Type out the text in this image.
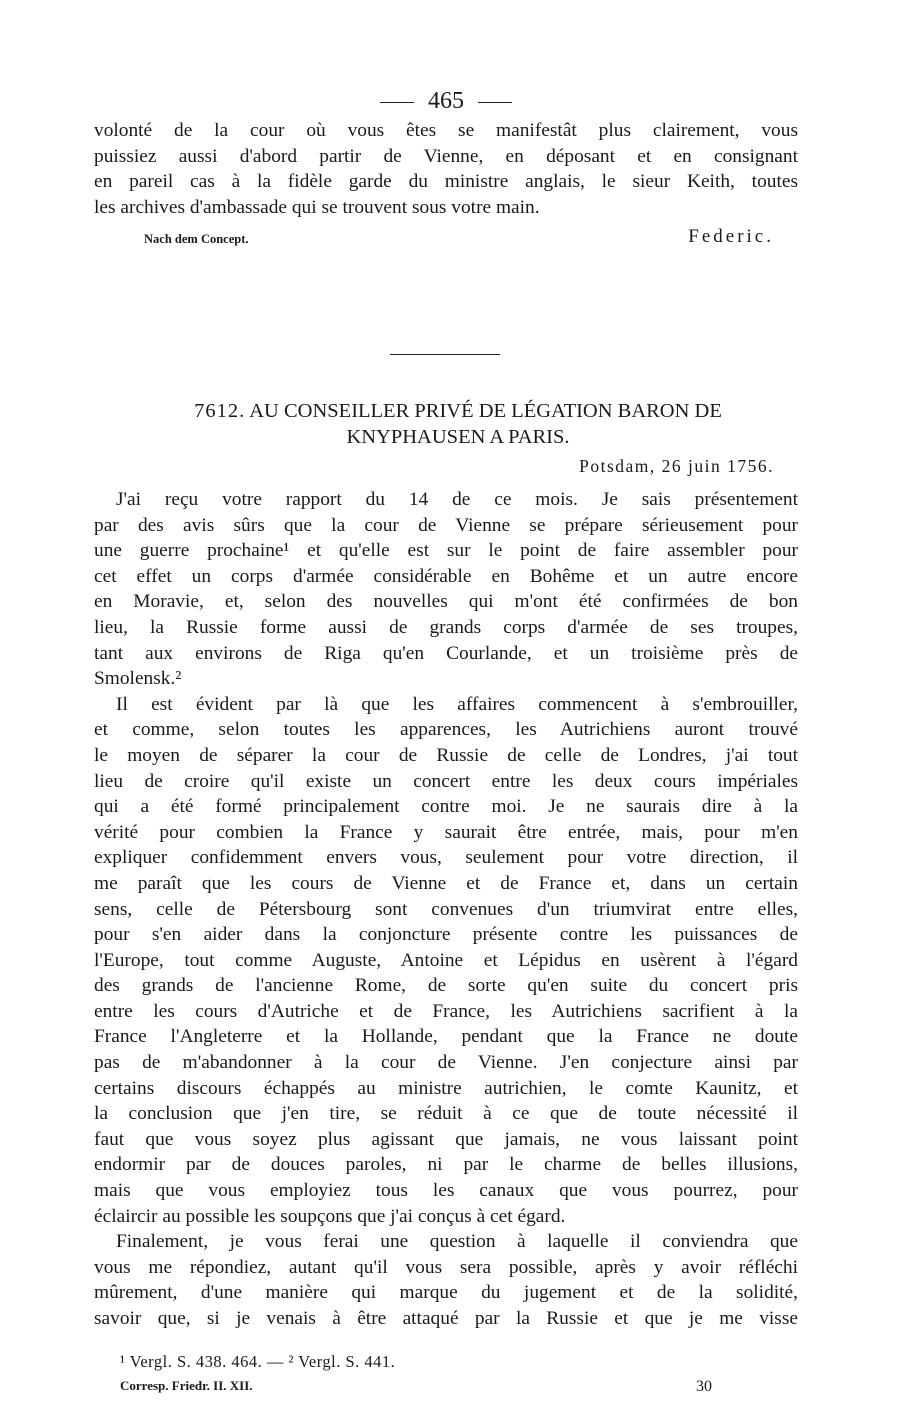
465
volonté de la cour où vous êtes se manifestât plus clairement, vous
puissiez aussi d'abord partir de Vienne, en déposant et en consignant
en pareil cas à la fidèle garde du ministre anglais, le sieur Keith, toutes
les archives d'ambassade qui se trouvent sous votre main.
Nach dem Concept.	Federic.
7612. AU CONSEILLER PRIVÉ DE LÉGATION BARON DE
KNYPHAUSEN A PARIS.
Potsdam, 26 juin 1756.

J'ai reçu votre rapport du 14 de ce mois. Je sais présentement
par des avis sûrs que la cour de Vienne se prépare sérieusement pour
une guerre prochaine¹ et qu'elle est sur le point de faire assembler pour
cet effet un corps d'armée considérable en Bohême et un autre encore
en Moravie, et, selon des nouvelles qui m'ont été confirmées de bon
lieu, la Russie forme aussi de grands corps d'armée de ses troupes,
tant aux environs de Riga qu'en Courlande, et un troisième près de
Smolensk.²

Il est évident par là que les affaires commencent à s'embrouiller,
et comme, selon toutes les apparences, les Autrichiens auront trouvé
le moyen de séparer la cour de Russie de celle de Londres, j'ai tout
lieu de croire qu'il existe un concert entre les deux cours impériales
qui a été formé principalement contre moi. Je ne saurais dire à la
vérité pour combien la France y saurait être entrée, mais, pour m'en
expliquer confidemment envers vous, seulement pour votre direction, il
me paraît que les cours de Vienne et de France et, dans un certain
sens, celle de Pétersbourg sont convenues d'un triumvirat entre elles,
pour s'en aider dans la conjoncture présente contre les puissances de
l'Europe, tout comme Auguste, Antoine et Lépidus en usèrent à l'égard
des grands de l'ancienne Rome, de sorte qu'en suite du concert pris
entre les cours d'Autriche et de France, les Autrichiens sacrifient à la
France l'Angleterre et la Hollande, pendant que la France ne doute
pas de m'abandonner à la cour de Vienne. J'en conjecture ainsi par
certains discours échappés au ministre autrichien, le comte Kaunitz, et
la conclusion que j'en tire, se réduit à ce que de toute nécessité il
faut que vous soyez plus agissant que jamais, ne vous laissant point
endormir par de douces paroles, ni par le charme de belles illusions,
mais que vous employiez tous les canaux que vous pourrez, pour
éclaircir au possible les soupçons que j'ai conçus à cet égard.

Finalement, je vous ferai une question à laquelle il conviendra que
vous me répondiez, autant qu'il vous sera possible, après y avoir réfléchi
mûrement, d'une manière qui marque du jugement et de la solidité,
savoir que, si je venais à être attaqué par la Russie et que je me visse

¹ Vergl. S. 438. 464. — ² Vergl. S. 441.
Corresp. Friedr. II. XII.	30
